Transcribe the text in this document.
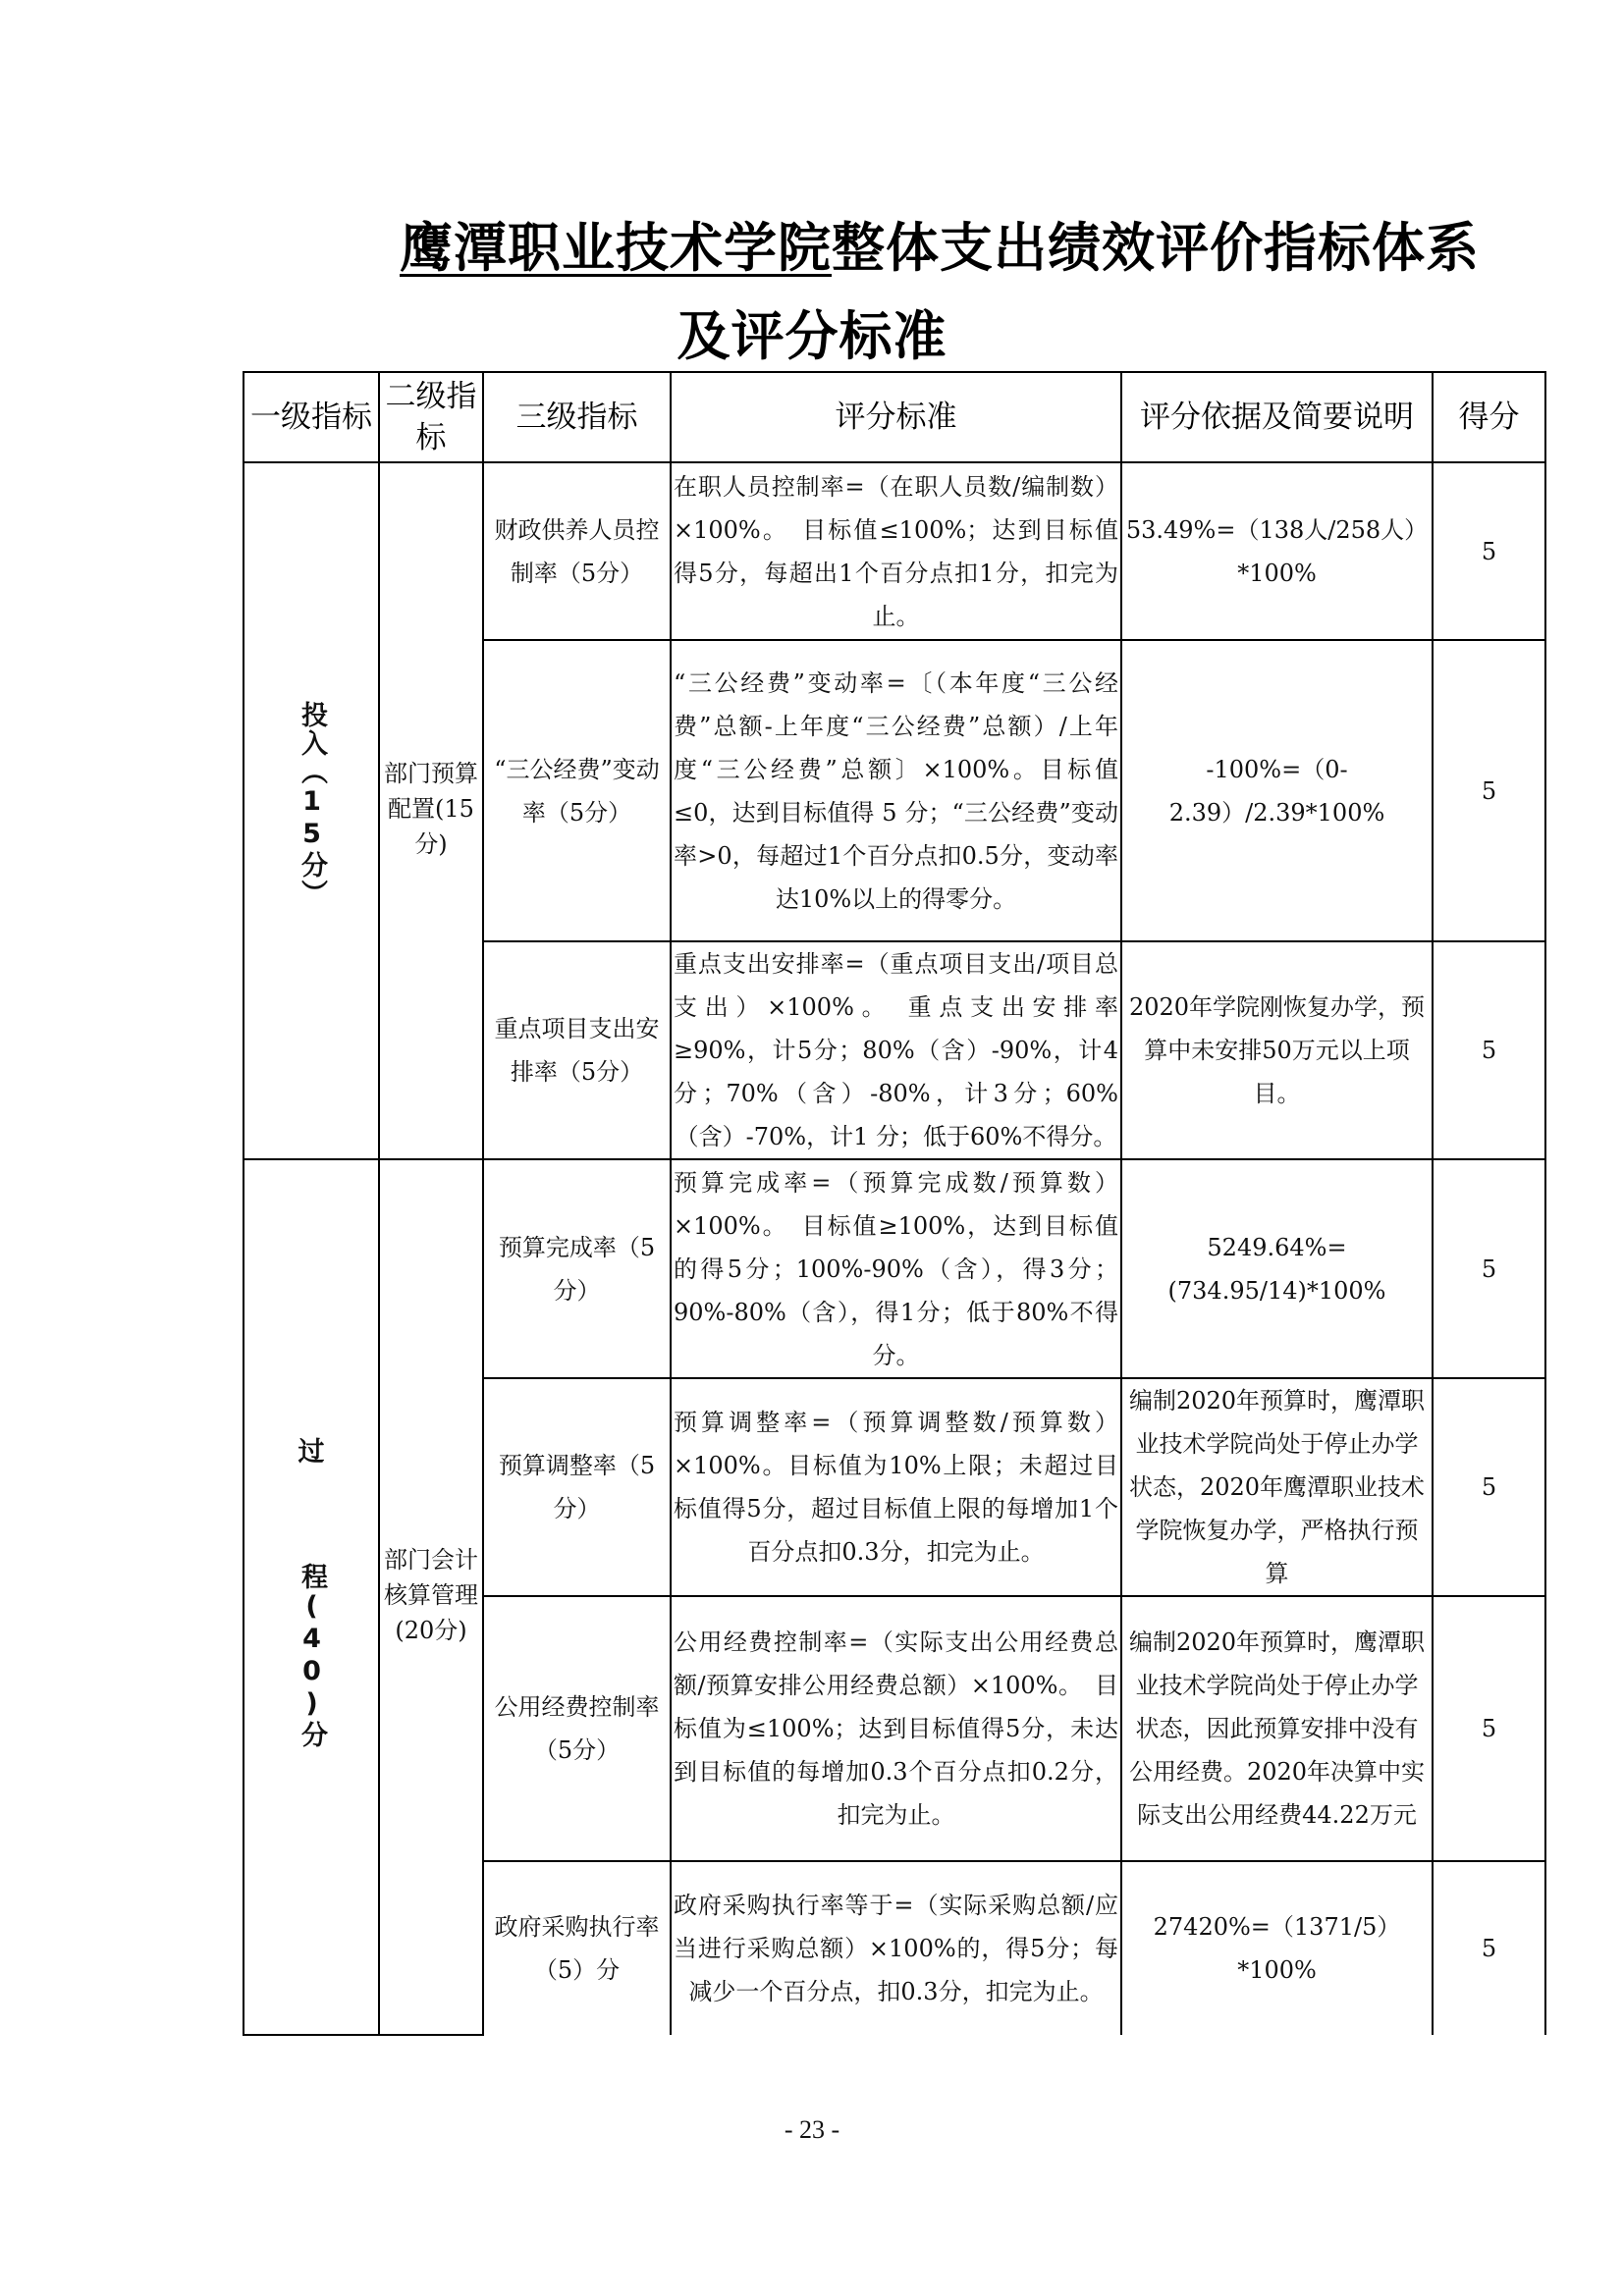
鹰潭职业技术学院整体支出绩效评价指标体系
及评分标准
一级指标	二级指标	三级指标	评分标准	评分依据及简要说明	得分
投入（15分）	部门预算配置(15分)	财政供养人员控制率（5分）	在职人员控制率=（在职人员数/编制数）×100%。　目标值≤100%；达到目标值得5分，每超出1个百分点扣1分，扣完为止。	53.49%=（138人/258人）*100%	5
		“三公经费”变动率（5分）	“三公经费”变动率=〔（本年度“三公经费”总额-上年度“三公经费”总额）/上年度“三公经费”总额〕×100%。目标值≤0，达到目标值得 5 分；“三公经费”变动率>0，每超过1个百分点扣0.5分，变动率达10%以上的得零分。	-100%=（0-2.39）/2.39*100%	5
		重点项目支出安排率（5分）	重点支出安排率=（重点项目支出/项目总支出）×100%。 重点支出安排率≥90%，计5分；80%（含）-90%，计4分；70%（含）-80%，计3分；60%（含）-70%，计1 分；低于60%不得分。	2020年学院刚恢复办学，预算中未安排50万元以上项目。	5

过
程(40)分	部门会计核算管理(20分)	预算完成率（5分）	预算完成率=（预算完成数/预算数）×100%。　目标值≥100%，达到目标值的得5分；100%-90%（含），得3分；90%-80%（含），得1分；低于80%不得分。	5249.64%=(734.95/14)*100%	5
		预算调整率（5分）	预算调整率=（预算调整数/预算数）×100%。目标值为10%上限；未超过目标值得5分，超过目标值上限的每增加1个百分点扣0.3分，扣完为止。	编制2020年预算时，鹰潭职业技术学院尚处于停止办学状态，2020年鹰潭职业技术学院恢复办学，严格执行预算	5
		公用经费控制率（5分）	公用经费控制率=（实际支出公用经费总额/预算安排公用经费总额）×100%。　目标值为≤100%；达到目标值得5分，未达到目标值的每增加0.3个百分点扣0.2分，扣完为止。	编制2020年预算时，鹰潭职业技术学院尚处于停止办学状态，因此预算安排中没有公用经费。2020年决算中实际支出公用经费44.22万元	5
		政府采购执行率（5）分	政府采购执行率等于=（实际采购总额/应当进行采购总额）×100%的，得5分；每减少一个百分点，扣0.3分，扣完为止。	27420%=（1371/5）*100%	5
- 23 -
